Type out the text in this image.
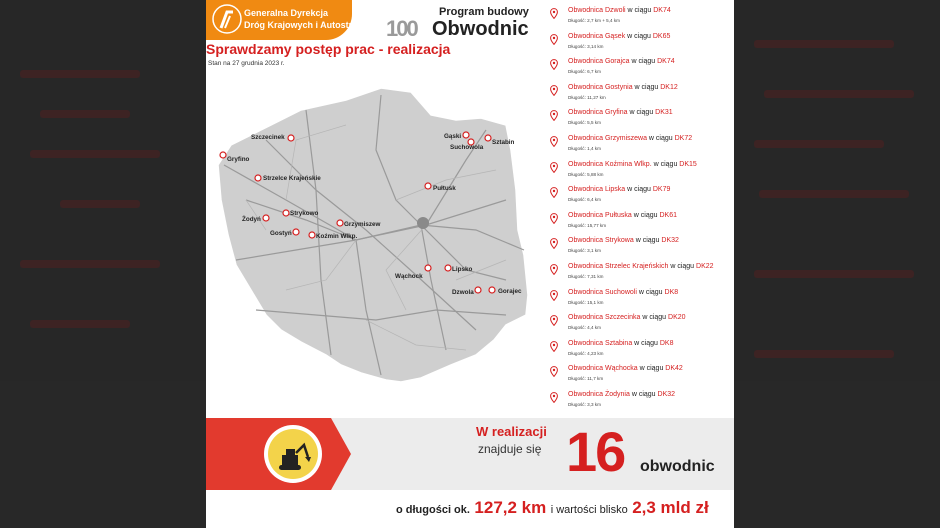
Generalna Dyrekcja
Dróg Krajowych i Autostrad 100
Program budowy
Obwodnic
Sprawdzamy postęp prac - realizacja
Stan na 27 grudnia 2023 r.
Szczecinek
Gryfino
Strzelce Krajeńskie
Żodyń
Strykowo
Gostyń	Koźmin Wlkp.
Grzymiszew
Gąski
Suchowola
Sztabin
Pułtusk
Wąchock
Lipsko
Dzwola	Gorajec
Obwodnica Dzwoli w ciągu DK74
Długość: 2,7 km + 5,4 km
Obwodnica Gąsek w ciągu DK65
Długość: 3,14 km
Obwodnica Gorajca w ciągu DK74
Długość: 6,7 km
Obwodnica Gostynia w ciągu DK12
Długość: 11,27 km
Obwodnica Gryfina w ciągu DK31
Długość: 5,5 km
Obwodnica Grzymiszewa w ciągu DK72
Długość: 1,4 km
Obwodnica Koźmina Wlkp. w ciągu DK15
Długość: 5,88 km
Obwodnica Lipska w ciągu DK79
Długość: 6,4 km
Obwodnica Pułtuska w ciągu DK61
Długość: 15,77 km
Obwodnica Strykowa w ciągu DK32
Długość: 3,1 km
Obwodnica Strzelec Krajeńskich w ciągu DK22
Długość: 7,31 km
Obwodnica Suchowoli w ciągu DK8
Długość: 15,1 km
Obwodnica Szczecinka w ciągu DK20
Długość: 4,4 km
Obwodnica Sztabina w ciągu DK8
Długość: 4,23 km
Obwodnica Wąchocka w ciągu DK42
Długość: 11,7 km
Obwodnica Żodynia w ciągu DK32
Długość: 3,3 km
W realizacji
znajduje się 16 obwodnic
o długości ok. 127,2 km i wartości blisko 2,3 mld zł
